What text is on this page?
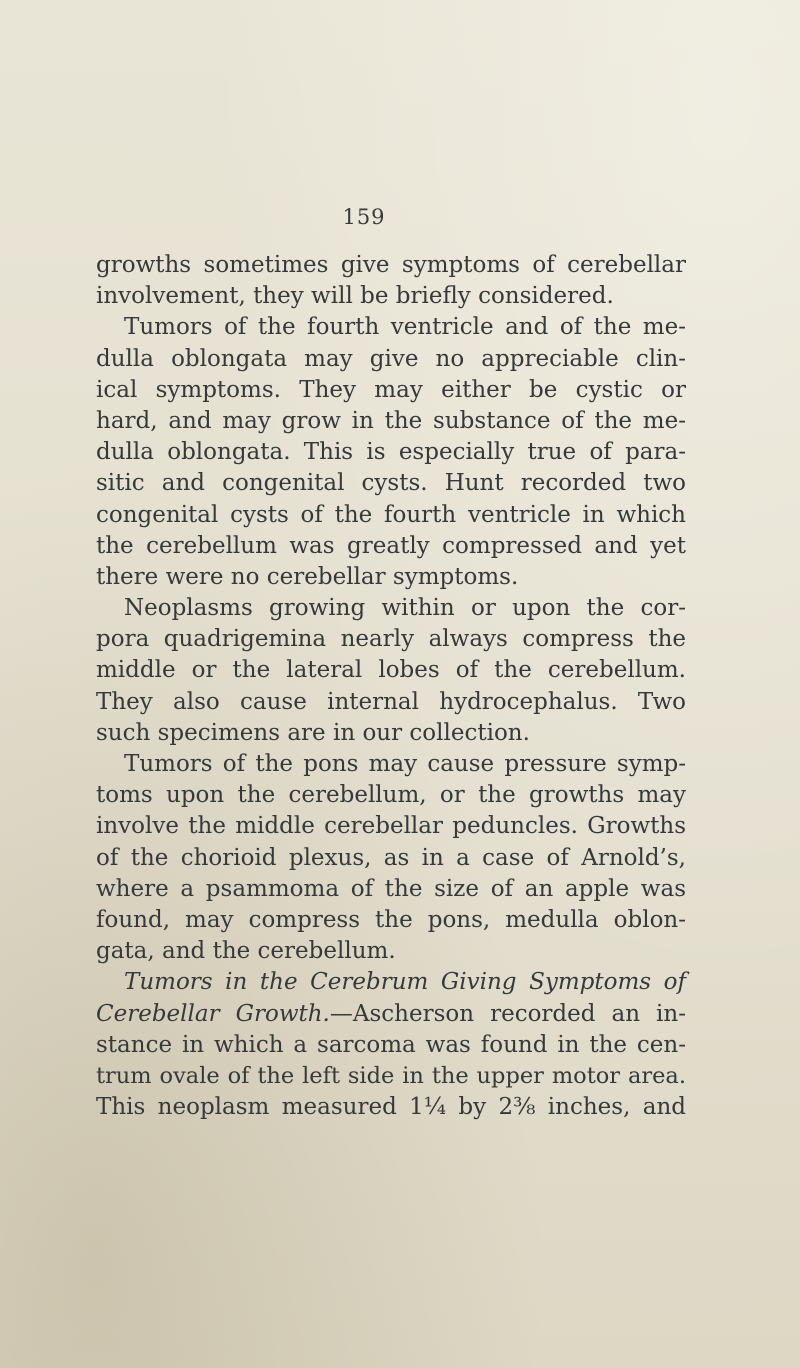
159
growths sometimes give symptoms of cerebellar
involvement, they will be briefly considered.
Tumors of the fourth ventricle and of the me-
dulla oblongata may give no appreciable clin-
ical symptoms. They may either be cystic or
hard, and may grow in the substance of the me-
dulla oblongata. This is especially true of para-
sitic and congenital cysts. Hunt recorded two
congenital cysts of the fourth ventricle in which
the cerebellum was greatly compressed and yet
there were no cerebellar symptoms.
Neoplasms growing within or upon the cor-
pora quadrigemina nearly always compress the
middle or the lateral lobes of the cerebellum.
They also cause internal hydrocephalus. Two
such specimens are in our collection.
Tumors of the pons may cause pressure symp-
toms upon the cerebellum, or the growths may
involve the middle cerebellar peduncles. Growths
of the chorioid plexus, as in a case of Arnold’s,
where a psammoma of the size of an apple was
found, may compress the pons, medulla oblon-
gata, and the cerebellum.
Tumors in the Cerebrum Giving Symptoms of
Cerebellar Growth.—Ascherson recorded an in-
stance in which a sarcoma was found in the cen-
trum ovale of the left side in the upper motor area.
This neoplasm measured 1¼ by 2⅜ inches, and
